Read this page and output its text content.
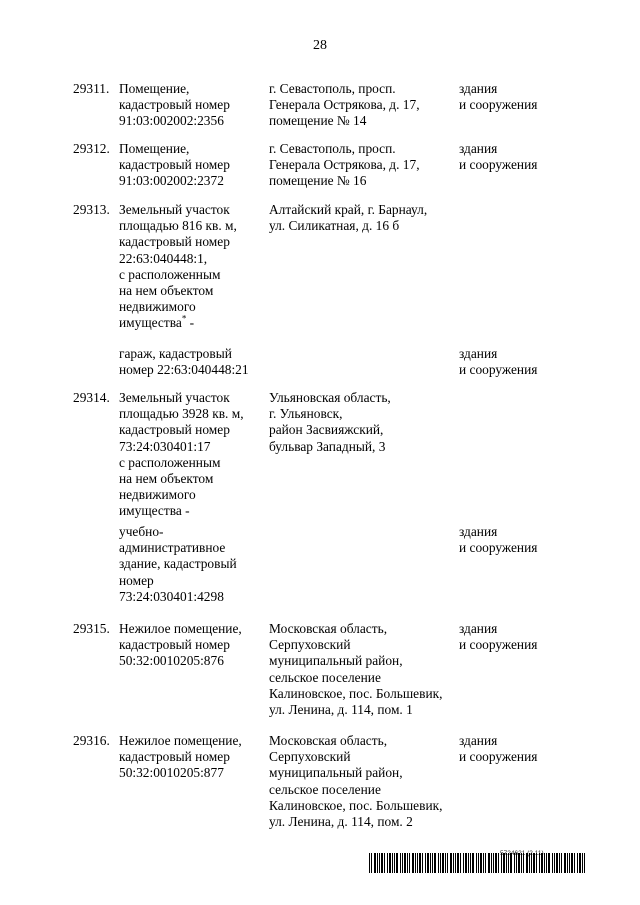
28
29311. Помещение,
кадастровый номер
91:03:002002:2356
г. Севастополь, просп.
Генерала Острякова, д. 17,
помещение № 14
здания
и сооружения
29312. Помещение,
кадастровый номер
91:03:002002:2372
г. Севастополь, просп.
Генерала Острякова, д. 17,
помещение № 16
здания
и сооружения
29313. Земельный участок
площадью 816 кв. м,
кадастровый номер
22:63:040448:1,
с расположенным
на нем объектом
недвижимого
имущества* -
Алтайский край, г. Барнаул,
ул. Силикатная, д. 16 б
гараж, кадастровый
номер 22:63:040448:21
здания
и сооружения
29314. Земельный участок
площадью 3928 кв. м,
кадастровый номер
73:24:030401:17
с расположенным
на нем объектом
недвижимого
имущества -
Ульяновская область,
г. Ульяновск,
район Засвияжский,
бульвар Западный, 3
учебно-
административное
здание, кадастровый
номер
73:24:030401:4298
здания
и сооружения
29315. Нежилое помещение,
кадастровый номер
50:32:0010205:876
Московская область,
Серпуховский
муниципальный район,
сельское поселение
Калиновское, пос. Большевик,
ул. Ленина, д. 114, пом. 1
здания
и сооружения
29316. Нежилое помещение,
кадастровый номер
50:32:0010205:877
Московская область,
Серпуховский
муниципальный район,
сельское поселение
Калиновское, пос. Большевик,
ул. Ленина, д. 114, пом. 2
здания
и сооружения
5724621 (2.11)
